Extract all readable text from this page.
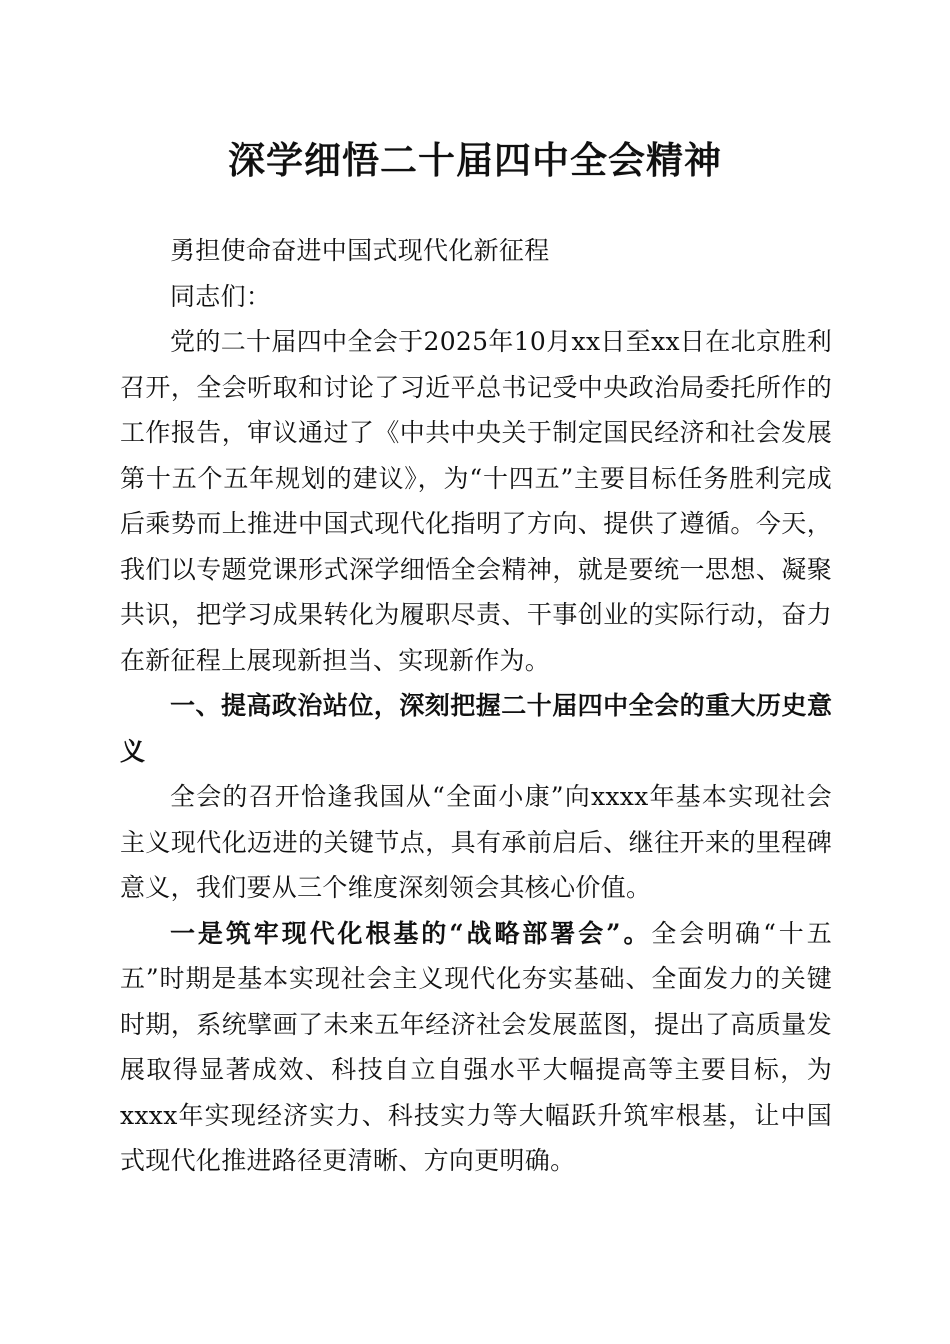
深学细悟二十届四中全会精神

勇担使命奋进中国式现代化新征程

同志们：

党的二十届四中全会于2025年10月xx日至xx日在北京胜利召开，全会听取和讨论了习近平总书记受中央政治局委托所作的工作报告，审议通过了《中共中央关于制定国民经济和社会发展第十五个五年规划的建议》，为“十四五”主要目标任务胜利完成后乘势而上推进中国式现代化指明了方向、提供了遵循。今天，我们以专题党课形式深学细悟全会精神，就是要统一思想、凝聚共识，把学习成果转化为履职尽责、干事创业的实际行动，奋力在新征程上展现新担当、实现新作为。

一、提高政治站位，深刻把握二十届四中全会的重大历史意义

全会的召开恰逢我国从“全面小康”向xxxx年基本实现社会主义现代化迈进的关键节点，具有承前启后、继往开来的里程碑意义，我们要从三个维度深刻领会其核心价值。

一是筑牢现代化根基的“战略部署会”。全会明确“十五五”时期是基本实现社会主义现代化夯实基础、全面发力的关键时期，系统擘画了未来五年经济社会发展蓝图，提出了高质量发展取得显著成效、科技自立自强水平大幅提高等主要目标，为xxxx年实现经济实力、科技实力等大幅跃升筑牢根基，让中国式现代化推进路径更清晰、方向更明确。
